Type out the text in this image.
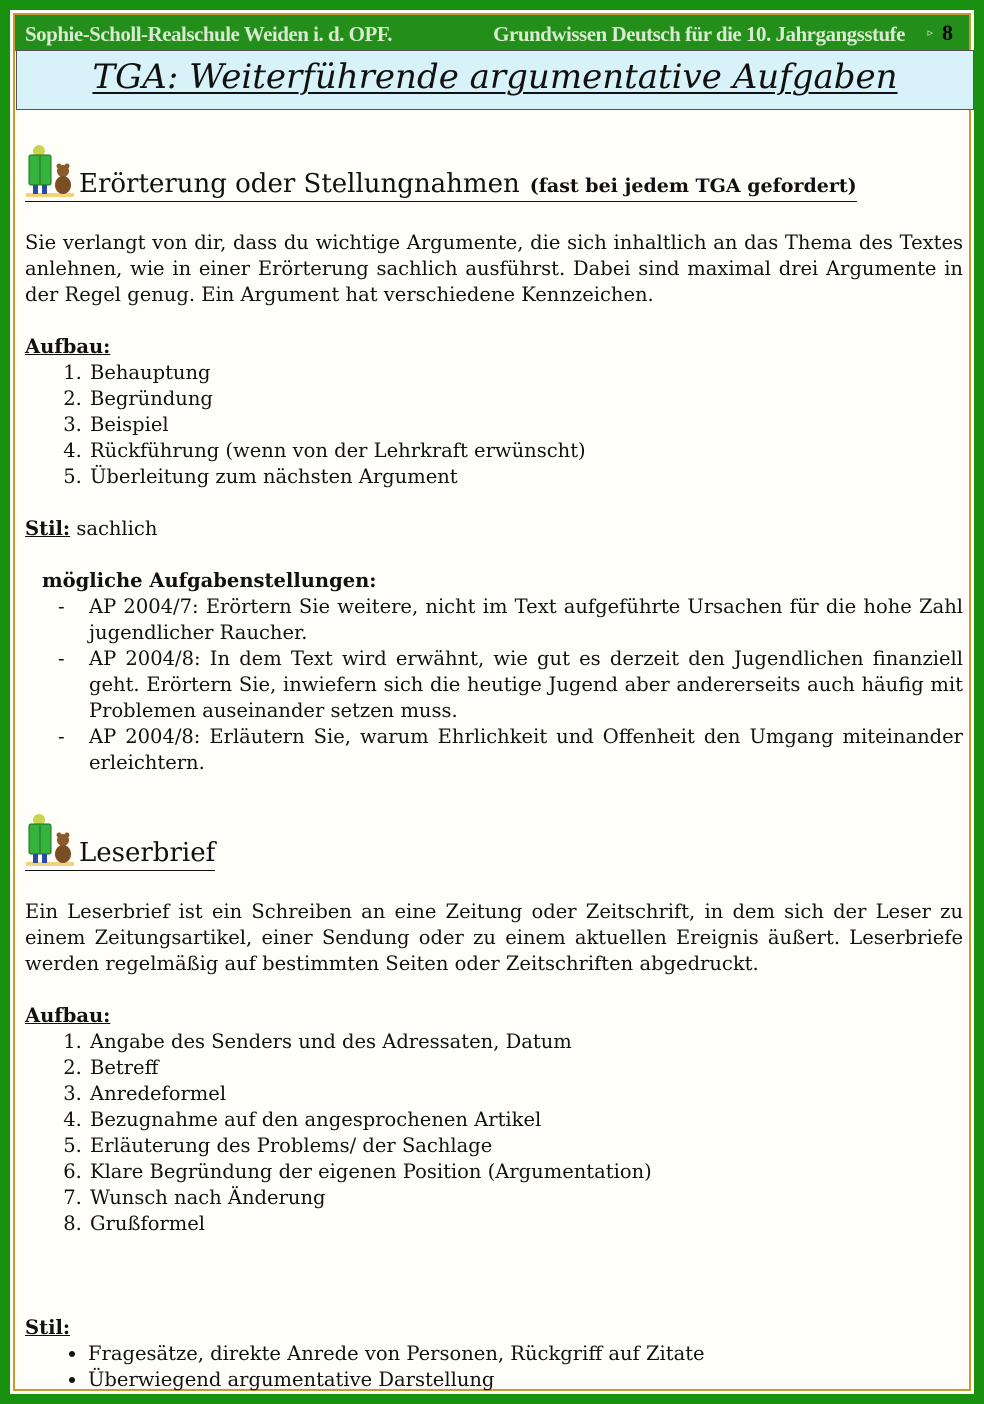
Sophie-Scholl-Realschule Weiden i. d. OPF.	Grundwissen Deutsch für die 10. Jahrgangsstufe ▹ 8
TGA: Weiterführende argumentative Aufgaben
Erörterung oder Stellungnahmen (fast bei jedem TGA gefordert)

Sie verlangt von dir, dass du wichtige Argumente, die sich inhaltlich an das Thema des Textes anlehnen, wie in einer Erörterung sachlich ausführst. Dabei sind maximal drei Argumente in der Regel genug. Ein Argument hat verschiedene Kennzeichen.

Aufbau:
1. Behauptung
2. Begründung
3. Beispiel
4. Rückführung (wenn von der Lehrkraft erwünscht)
5. Überleitung zum nächsten Argument
Stil: sachlich
mögliche Aufgabenstellungen:
- AP 2004/7: Erörtern Sie weitere, nicht im Text aufgeführte Ursachen für die hohe Zahl jugendlicher Raucher.
- AP 2004/8: In dem Text wird erwähnt, wie gut es derzeit den Jugendlichen finanziell geht. Erörtern Sie, inwiefern sich die heutige Jugend aber andererseits auch häufig mit Problemen auseinander setzen muss.
- AP 2004/8: Erläutern Sie, warum Ehrlichkeit und Offenheit den Umgang miteinander erleichtern.
Leserbrief

Ein Leserbrief ist ein Schreiben an eine Zeitung oder Zeitschrift, in dem sich der Leser zu einem Zeitungsartikel, einer Sendung oder zu einem aktuellen Ereignis äußert. Leserbriefe werden regelmäßig auf bestimmten Seiten oder Zeitschriften abgedruckt.

Aufbau:
1. Angabe des Senders und des Adressaten, Datum
2. Betreff
3. Anredeformel
4. Bezugnahme auf den angesprochenen Artikel
5. Erläuterung des Problems/ der Sachlage
6. Klare Begründung der eigenen Position (Argumentation)
7. Wunsch nach Änderung
8. Grußformel
Stil:
• Fragesätze, direkte Anrede von Personen, Rückgriff auf Zitate
• Überwiegend argumentative Darstellung
